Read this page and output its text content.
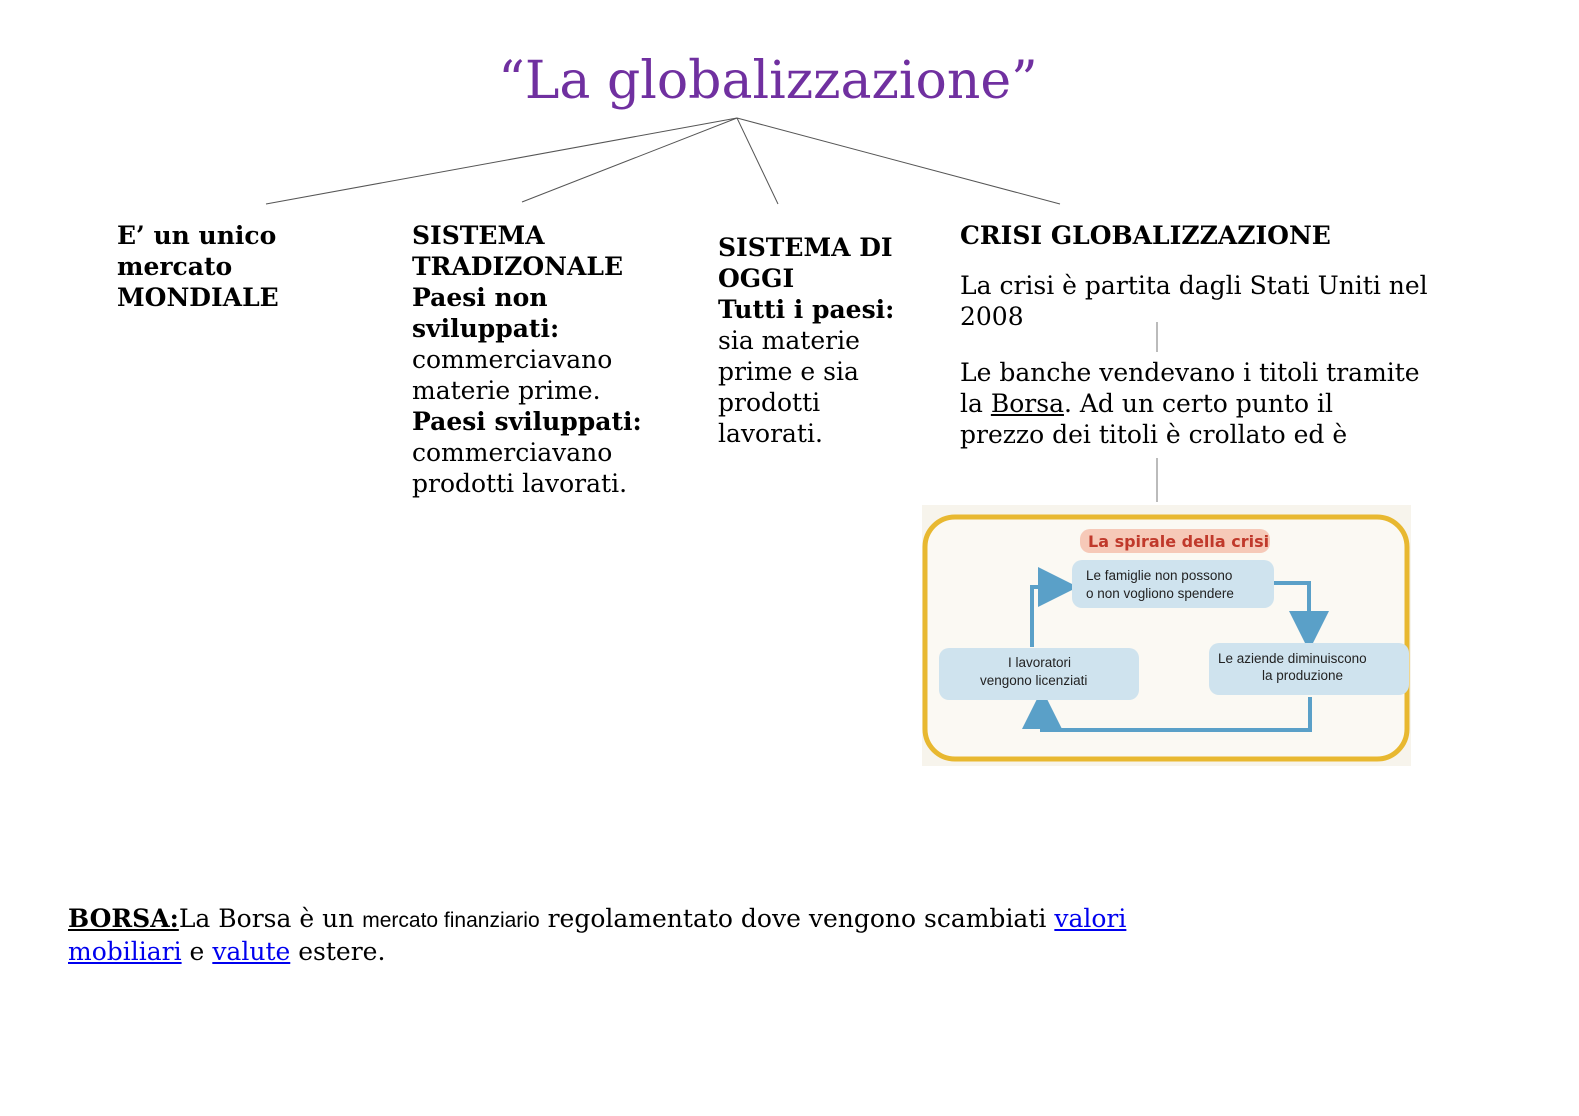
“La globalizzazione”
E’ un unico
mercato
MONDIALE
SISTEMA
TRADIZONALE
Paesi non
sviluppati:
commerciavano
materie prime.
Paesi sviluppati:
commerciavano
prodotti lavorati.
SISTEMA DI
OGGI
Tutti i paesi:
sia materie
prime e sia
prodotti
lavorati.
CRISI GLOBALIZZAZIONE
La crisi è partita dagli Stati Uniti nel
2008
Le banche vendevano i titoli tramite
la Borsa. Ad un certo punto il
prezzo dei titoli è crollato ed è
La spirale della crisi
Le famiglie non possono
o non vogliono spendere
Le aziende diminuiscono
la produzione
I lavoratori
vengono licenziati
BORSA:La Borsa è un mercato finanziario regolamentato dove vengono scambiati valori
mobiliari e valute estere.
